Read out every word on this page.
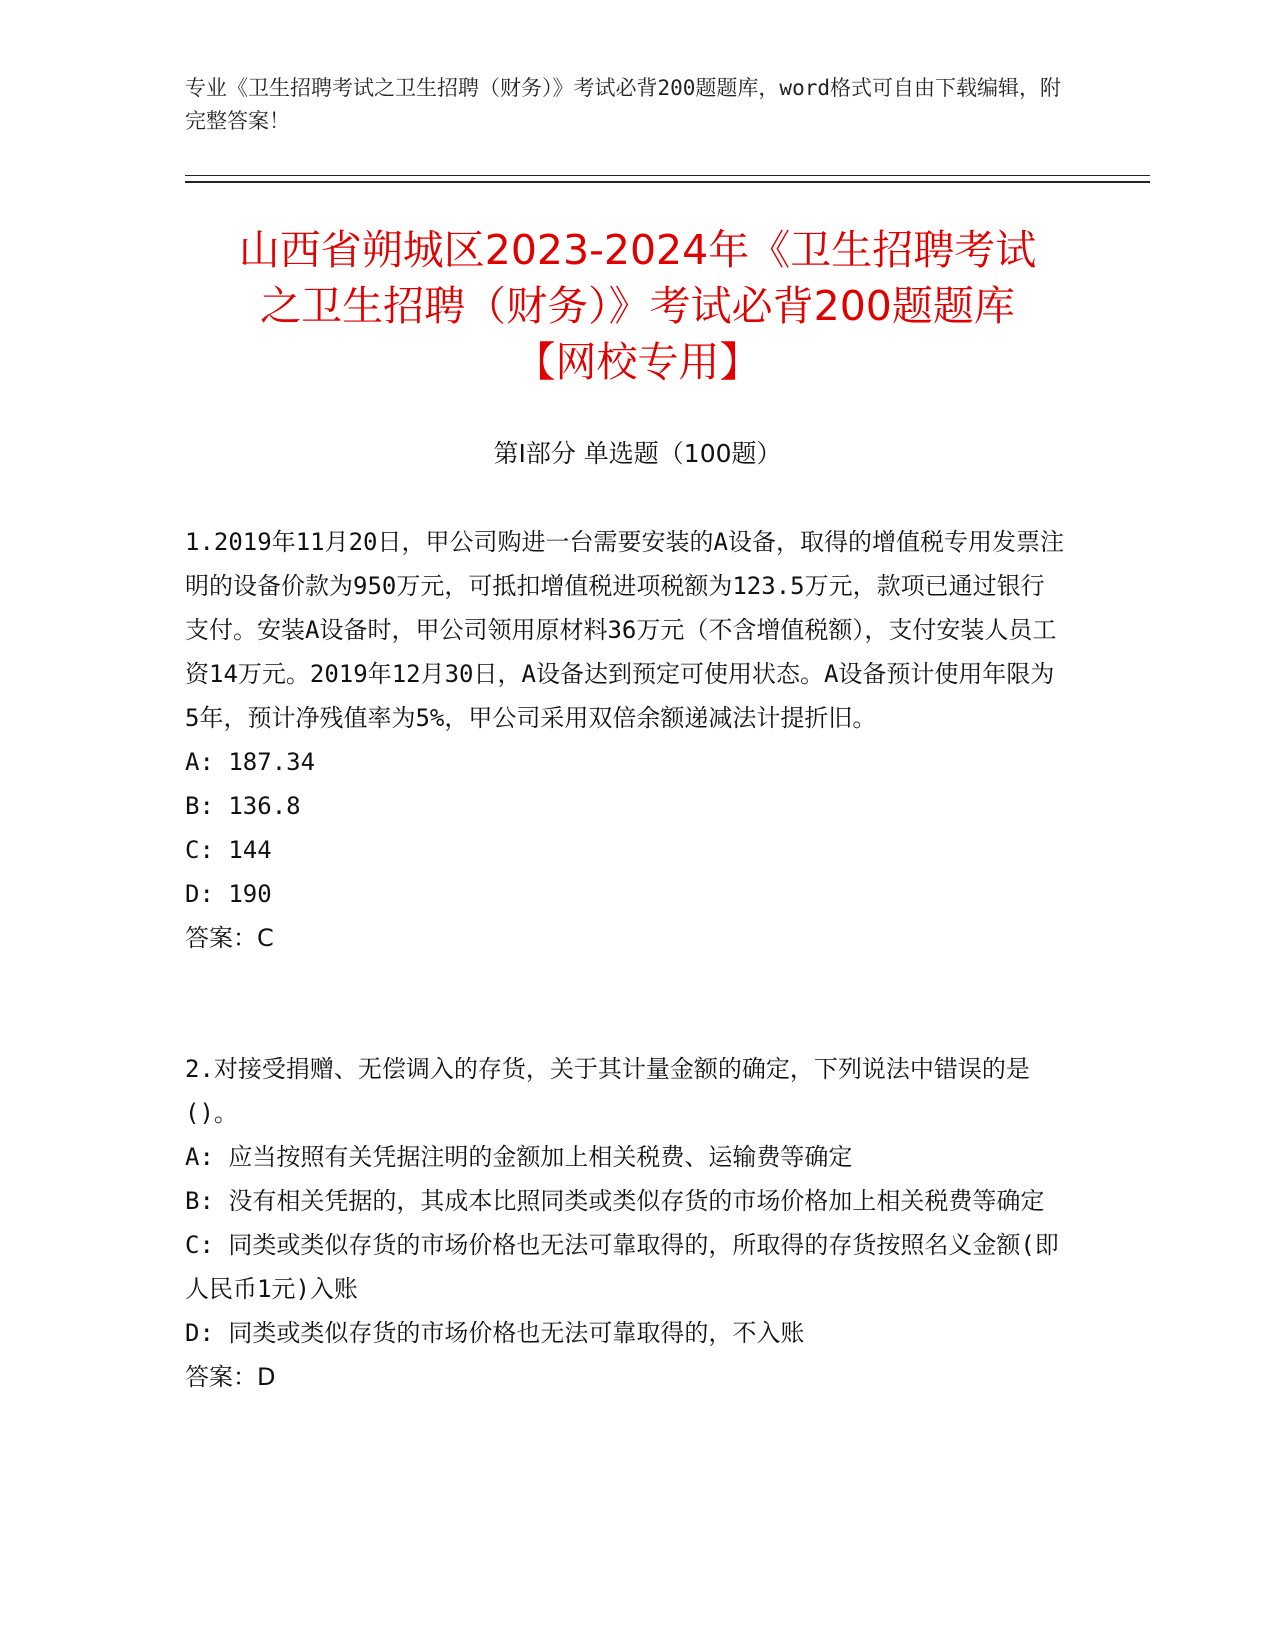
专业《卫生招聘考试之卫生招聘（财务）》考试必背200题题库，word格式可自由下载编辑，附完整答案！
山西省朔城区2023-2024年《卫生招聘考试
之卫生招聘（财务）》考试必背200题题库
【网校专用】
第Ⅰ部分 单选题（100题）
1.2019年11月20日，甲公司购进一台需要安装的A设备，取得的增值税专用发票注明的设备价款为950万元，可抵扣增值税进项税额为123.5万元，款项已通过银行支付。安装A设备时，甲公司领用原材料36万元（不含增值税额），支付安装人员工资14万元。2019年12月30日，A设备达到预定可使用状态。A设备预计使用年限为5年，预计净残值率为5%，甲公司采用双倍余额递减法计提折旧。
A: 187.34
B: 136.8
C: 144
D: 190
答案：C
2.对接受捐赠、无偿调入的存货，关于其计量金额的确定，下列说法中错误的是()。
A: 应当按照有关凭据注明的金额加上相关税费、运输费等确定
B: 没有相关凭据的，其成本比照同类或类似存货的市场价格加上相关税费等确定
C: 同类或类似存货的市场价格也无法可靠取得的，所取得的存货按照名义金额(即人民币1元)入账
D: 同类或类似存货的市场价格也无法可靠取得的，不入账
答案：D
